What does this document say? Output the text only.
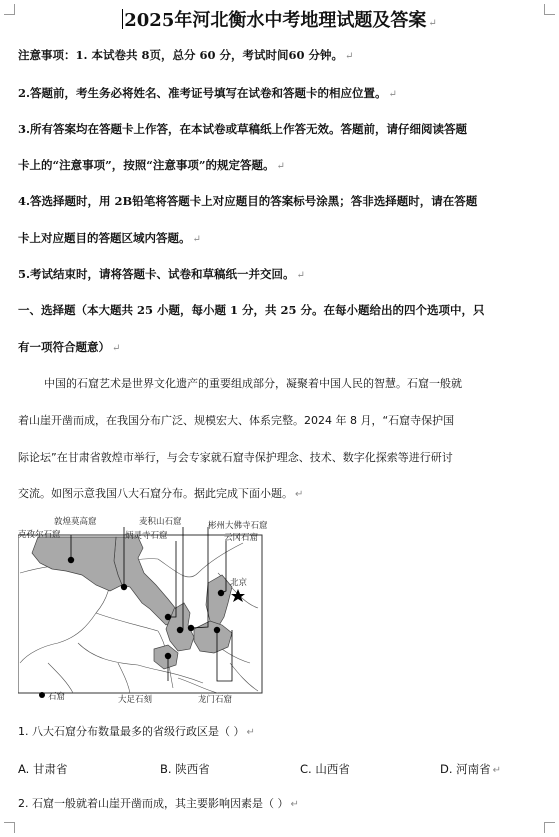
2025年河北衡水中考地理试题及答案 ↵
注意事项：1. 本试卷共 8页，总分 60 分，考试时间60 分钟。 ↵
2.答题前，考生务必将姓名、准考证号填写在试卷和答题卡的相应位置。 ↵
3.所有答案均在答题卡上作答，在本试卷或草稿纸上作答无效。答题前，请仔细阅读答题
卡上的“注意事项”，按照“注意事项”的规定答题。 ↵
4.答选择题时，用 2B铅笔将答题卡上对应题目的答案标号涂黑；答非选择题时，请在答题
卡上对应题目的答题区域内答题。 ↵
5.考试结束时，请将答题卡、试卷和草稿纸一并交回。 ↵
一、选择题（本大题共 25 小题，每小题 1 分，共 25 分。在每小题给出的四个选项中，只
有一项符合题意） ↵
中国的石窟艺术是世界文化遗产的重要组成部分，凝聚着中国人民的智慧。石窟一般就
着山崖开凿而成，在我国分布广泛、规模宏大、体系完整。2024 年 8 月，“石窟寺保护国
际论坛”在甘肃省敦煌市举行，与会专家就石窟寺保护理念、技术、数字化探索等进行研讨
交流。如图示意我国八大石窟分布。据此完成下面小题。 ↵
敦煌莫高窟
克孜尔石窟
麦积山石窟
炳灵寺石窟
彬州大佛寺石窟
云冈石窟
北京
石窟	大足石刻	龙门石窟
1. 八大石窟分布数量最多的省级行政区是（ ） ↵
A. 甘肃省	B. 陕西省	C. 山西省	D. 河南省 ↵
2. 石窟一般就着山崖开凿而成，其主要影响因素是（ ） ↵
